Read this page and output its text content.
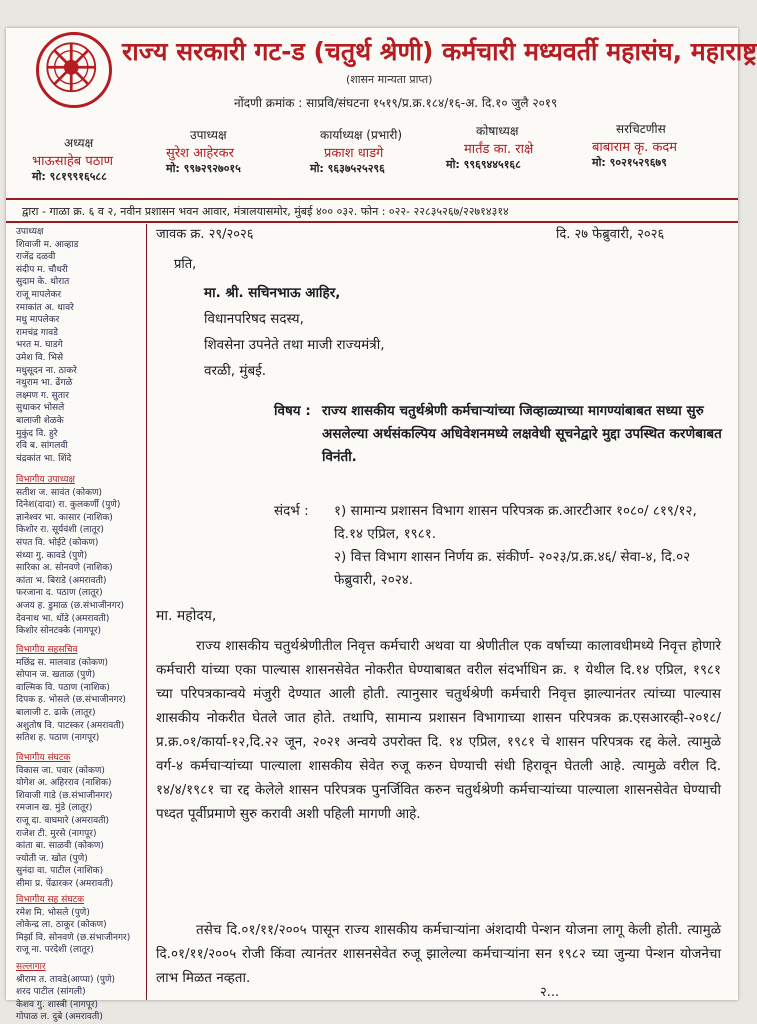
राज्य सरकारी गट-ड (चतुर्थ श्रेणी) कर्मचारी मध्यवर्ती महासंघ, महाराष्ट्र
(शासन मान्यता प्राप्त)
नोंदणी क्रमांक : साप्रवि/संघटना १५१९/प्र.क्र.१८४/१६-अ. दि.१० जुलै २०१९
अध्यक्ष
भाऊसाहेब पठाण
मो: ९८१९९१६५८८
उपाध्यक्ष
सुरेश आहेरकर
मो: ९९७२९२७०१५
कार्याध्यक्ष (प्रभारी)
प्रकाश धाडगे
मो: ९६३७५२५२९६
कोषाध्यक्ष
मार्तंड का. राक्षे
मो: ९९६९४४५१६८
सरचिटणीस
बाबाराम कृ. कदम
मो: ९०२१५२९६७९
द्वारा - गाळा क्र. ६ व २, नवीन प्रशासन भवन आवार, मंत्रालयासमोर, मुंबई ४०० ०३२. फोन : ०२२- २२८३५२६७/२२७१४३१४
उपाध्यक्ष
शिवाजी म. आव्हाड
राजेंद्र दळवी
संदीप म. चौधरी
सुदाम के. थोरात
राजू मापलेकर
रमाकांत अ. धावरे
मधु मापलेकर
रामचंद्र गावडे
भरत म. घाडगे
उमेश वि. भिसे
मधुसूदन ना. ठाकरे
नथुराम भा. ढेंगळे
लक्ष्मण ग. सुतार
सुधाकर भोसले
बालाजी शेळके
मुकुंद वि. हुरे
रवि ब. सांगलवी
चंद्रकांत भा. शिंदे
विभागीय उपाध्यक्ष
सतीश ज. सावंत (कोकण)
दिनेश(दादा) रा. कुलकर्णी (पुणे)
ज्ञानेश्वर भा. कासार (नाशिक)
किशोर रा. सूर्यवंशी (लातूर)
संपत वि. भोईटे (कोकण)
संध्या गु. कावडे (पुणे)
सारिका अ. सोनवणे (नाशिक)
कांता भ. बिराडे (अमरावती)
फरजाना द. पठाण (लातूर)
अजय ह. डुमाळ (छ.संभाजीनगर)
देवनाथ भा. धोंडे (अमरावती)
किशोर सोनटक्के (नागपूर)
विभागीय सहसचिव
मछिंद्र स. मालवाड (कोकण)
सोपान ज. खताळ (पुणे)
वाल्मिक वि. पठाण (नाशिक)
दिपक ह. भोसले (छ.संभाजीनगर)
बालाजी ट. ढाके (लातूर)
अशुतोष वि. पाटस्कर (अमरावती)
सतिश ह. पठाण (नागपूर)
विभागीय संघटक
विकास जा. पवार (कोकण)
योगेश अ. अहिरराव (नाशिक)
शिवाजी गाडे (छ.संभाजीनगर)
रमजान ख. मुंडे (लातूर)
राजू दा. वाघमारे (अमरावती)
राजेश टी. मुरसे (नागपूर)
कांता बा. साळवी (कोकण)
ज्योती ज. खोत (पुणे)
सुनंदा वा. पाटील (नाशिक)
सीमा प्र. पेंढारकर (अमरावती)
विभागीय सह संघटक
रमेश मि. भोसले (पुणे)
लोकेन्द्र ला. ठाकूर (कोकण)
मिर्झा वि. सोनवणे (छ.संभाजीनगर)
राजू ना. परदेशी (लातूर)
सल्लागार
श्रीराम त. तावडे(आप्पा) (पुणे)
शरद पाटील (सांगली)
केशव गु. शास्त्री (नागपूर)
गोपाळ ल. दुबे (अमरावती)
जावक क्र. २९/२०२६	दि. २७ फेब्रुवारी, २०२६
प्रति,
मा. श्री. सचिनभाऊ आहिर,
विधानपरिषद सदस्य,
शिवसेना उपनेते तथा माजी राज्यमंत्री,
वरळी, मुंबई.
विषय : राज्य शासकीय चतुर्थश्रेणी कर्मचाऱ्यांच्या जिव्हाळ्याच्या मागण्यांबाबत सध्या सुरु असलेल्या अर्थसंकल्पिय अधिवेशनमध्ये लक्षवेधी सूचनेद्वारे मुद्दा उपस्थित करणेबाबत विनंती.
संदर्भ : १) सामान्य प्रशासन विभाग शासन परिपत्रक क्र.आरटीआर १०८०/ ८१९/१२, दि.१४ एप्रिल, १९८१.
२) वित्त विभाग शासन निर्णय क्र. संकीर्ण- २०२३/प्र.क्र.४६/ सेवा-४, दि.०२ फेब्रुवारी, २०२४.
मा. महोदय,

राज्य शासकीय चतुर्थश्रेणीतील निवृत्त कर्मचारी अथवा या श्रेणीतील एक वर्षाच्या कालावधीमध्ये निवृत्त होणारे कर्मचारी यांच्या एका पाल्यास शासनसेवेत नोकरीत घेण्याबाबत वरील संदर्भाधिन क्र. १ येथील दि.१४ एप्रिल, १९८१ च्या परिपत्रकान्वये मंजुरी देण्यात आली होती. त्यानुसार चतुर्थश्रेणी कर्मचारी निवृत्त झाल्यानंतर त्यांच्या पाल्यास शासकीय नोकरीत घेतले जात होते. तथापि, सामान्य प्रशासन विभागाच्या शासन परिपत्रक क्र.एसआरव्ही-२०१८/प्र.क्र.०१/कार्या-१२,दि.२२ जून, २०२१ अन्वये उपरोक्त दि. १४ एप्रिल, १९८१ चे शासन परिपत्रक रद्द केले. त्यामुळे वर्ग-४ कर्मचाऱ्यांच्या पाल्याला शासकीय सेवेत रुजू करुन घेण्याची संधी हिरावून घेतली आहे. त्यामुळे वरील दि. १४/४/१९८१ चा रद्द केलेले शासन परिपत्रक पुनर्जिवित करुन चतुर्थश्रेणी कर्मचाऱ्यांच्या पाल्याला शासनसेवेत घेण्याची पध्दत पूर्वीप्रमाणे सुरु करावी अशी पहिली मागणी आहे.

तसेच दि.०१/११/२००५ पासून राज्य शासकीय कर्मचाऱ्यांना अंशदायी पेन्शन योजना लागू केली होती. त्यामुळे दि.०१/११/२००५ रोजी किंवा त्यानंतर शासनसेवेत रुजू झालेल्या कर्मचाऱ्यांना सन १९८२ च्या जुन्या पेन्शन योजनेचा लाभ मिळत नव्हता.

२...
